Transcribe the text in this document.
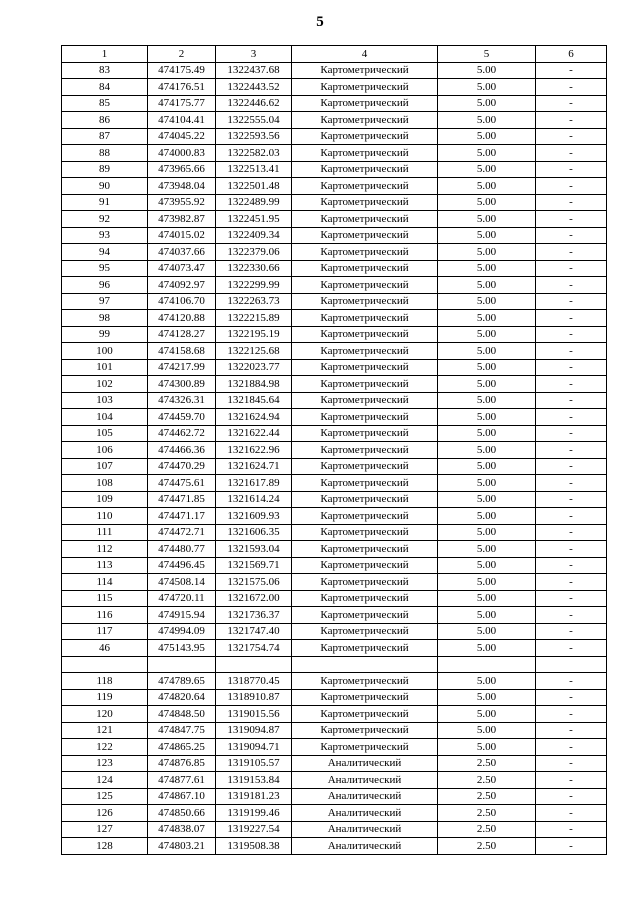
5
1	2	3	4	5	6
83	474175.49	1322437.68	Картометрический	5.00	-
84	474176.51	1322443.52	Картометрический	5.00	-
85	474175.77	1322446.62	Картометрический	5.00	-
86	474104.41	1322555.04	Картометрический	5.00	-
87	474045.22	1322593.56	Картометрический	5.00	-
88	474000.83	1322582.03	Картометрический	5.00	-
89	473965.66	1322513.41	Картометрический	5.00	-
90	473948.04	1322501.48	Картометрический	5.00	-
91	473955.92	1322489.99	Картометрический	5.00	-
92	473982.87	1322451.95	Картометрический	5.00	-
93	474015.02	1322409.34	Картометрический	5.00	-
94	474037.66	1322379.06	Картометрический	5.00	-
95	474073.47	1322330.66	Картометрический	5.00	-
96	474092.97	1322299.99	Картометрический	5.00	-
97	474106.70	1322263.73	Картометрический	5.00	-
98	474120.88	1322215.89	Картометрический	5.00	-
99	474128.27	1322195.19	Картометрический	5.00	-
100	474158.68	1322125.68	Картометрический	5.00	-
101	474217.99	1322023.77	Картометрический	5.00	-
102	474300.89	1321884.98	Картометрический	5.00	-
103	474326.31	1321845.64	Картометрический	5.00	-
104	474459.70	1321624.94	Картометрический	5.00	-
105	474462.72	1321622.44	Картометрический	5.00	-
106	474466.36	1321622.96	Картометрический	5.00	-
107	474470.29	1321624.71	Картометрический	5.00	-
108	474475.61	1321617.89	Картометрический	5.00	-
109	474471.85	1321614.24	Картометрический	5.00	-
110	474471.17	1321609.93	Картометрический	5.00	-
111	474472.71	1321606.35	Картометрический	5.00	-
112	474480.77	1321593.04	Картометрический	5.00	-
113	474496.45	1321569.71	Картометрический	5.00	-
114	474508.14	1321575.06	Картометрический	5.00	-
115	474720.11	1321672.00	Картометрический	5.00	-
116	474915.94	1321736.37	Картометрический	5.00	-
117	474994.09	1321747.40	Картометрический	5.00	-
46	475143.95	1321754.74	Картометрический	5.00	-

118	474789.65	1318770.45	Картометрический	5.00	-
119	474820.64	1318910.87	Картометрический	5.00	-
120	474848.50	1319015.56	Картометрический	5.00	-
121	474847.75	1319094.87	Картометрический	5.00	-
122	474865.25	1319094.71	Картометрический	5.00	-
123	474876.85	1319105.57	Аналитический	2.50	-
124	474877.61	1319153.84	Аналитический	2.50	-
125	474867.10	1319181.23	Аналитический	2.50	-
126	474850.66	1319199.46	Аналитический	2.50	-
127	474838.07	1319227.54	Аналитический	2.50	-
128	474803.21	1319508.38	Аналитический	2.50	-
